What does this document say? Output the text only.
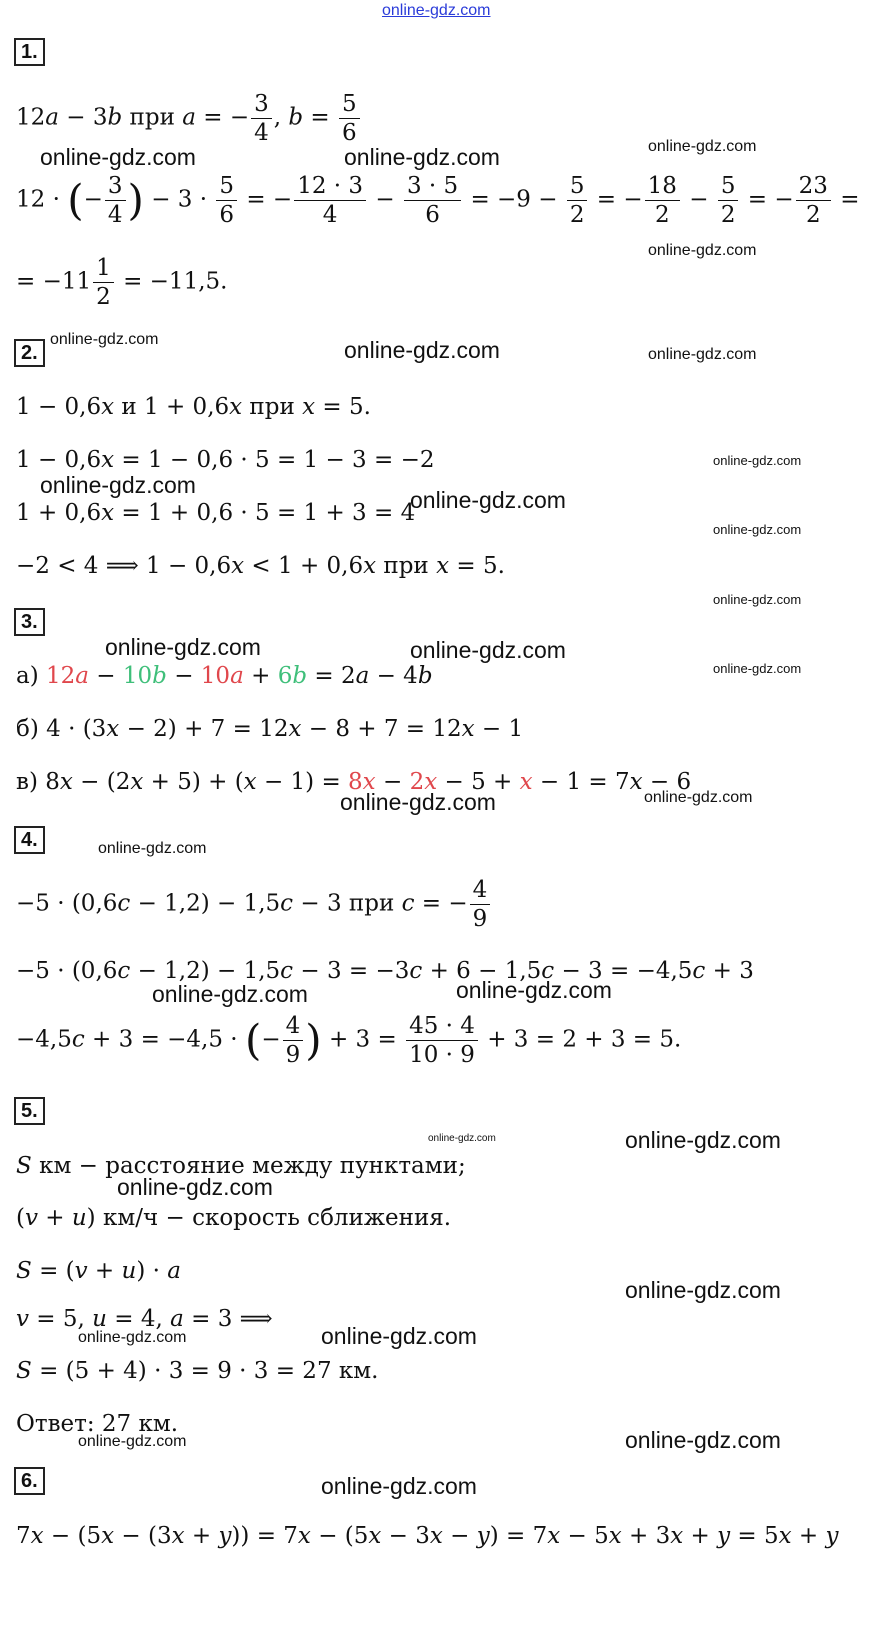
online-gdz.com
1.
12𝑎 − 3𝑏 при 𝑎 = − $\frac{3}{4}$ , 𝑏 = $\frac{5}{6}$
12 · (− $\frac{3}{4}$ ) − $3 \cdot \frac{5}{6}$ = − $\frac{12 \cdot 3}{4} - \frac{3 \cdot 5}{6} = -9 - \frac{5}{2}$ = − $\frac{18}{2} - \frac{5}{2}$ = − $\frac{23}{2}$ =
= $-11 \frac{1}{2} = -11,5$.
2.
1 − 0,6𝑥 и 1 + 0,6𝑥 при 𝑥 = 5.
1 − 0,6𝑥 = 1 − 0,6 · 5 = 1 − 3 = −2
1 + 0,6𝑥 = 1 + 0,6 · 5 = 1 + 3 = 4
−2 < 4 ⟹ 1 − 0,6𝑥 < 1 + 0,6𝑥 при 𝑥 = 5.
3.
а) 12𝑎 − 10𝑏 − 10𝑎 + 6𝑏 = 2𝑎 − 4𝑏
б) 4 · (3𝑥 − 2) + 7 = 12𝑥 − 8 + 7 = 12𝑥 − 1
в) 8𝑥 − (2𝑥 + 5) + (𝑥 − 1) = 8𝑥 − 2𝑥 − 5 + 𝑥 − 1 = 7𝑥 − 6
4.
−5 · (0,6𝑐 − 1,2) − 1,5𝑐 − 3 при 𝑐 = − $\frac{4}{9}$
−5 · (0,6𝑐 − 1,2) − 1,5𝑐 − 3 = −3𝑐 + 6 − 1,5𝑐 − 3 = −4,5𝑐 + 3
−4,5𝑐 + 3 = −4,5 · (− $\frac{4}{9}$ ) + $3 = \frac{45 \cdot 4}{10 \cdot 9} + 3 = 2 + 3 = 5$.
5.
𝑆 км − расстояние между пунктами;
(𝑣 + 𝑢) км/ч − скорость сближения.
𝑆 = (𝑣 + 𝑢) · 𝑎
𝑣 = 5, 𝑢 = 4, 𝑎 = 3 ⟹
𝑆 = (5 + 4) · 3 = 9 · 3 = 27 км.
Ответ: 27 км.
6.
7𝑥 − (5𝑥 − (3𝑥 + 𝑦)) = 7𝑥 − (5𝑥 − 3𝑥 − 𝑦) = 7𝑥 − 5𝑥 + 3𝑥 + 𝑦 = 5𝑥 + 𝑦
online-gdz.com	online-gdz.com	online-gdz.com
online-gdz.com
online-gdz.com	online-gdz.com	online-gdz.com
online-gdz.com
online-gdz.com
online-gdz.com
online-gdz.com
online-gdz.com
online-gdz.com	online-gdz.com
online-gdz.com
online-gdz.com
online-gdz.com
online-gdz.com
online-gdz.com
online-gdz.com
online-gdz.com	online-gdz.com
online-gdz.com
online-gdz.com
online-gdz.com
online-gdz.com
online-gdz.com	online-gdz.com
online-gdz.com
